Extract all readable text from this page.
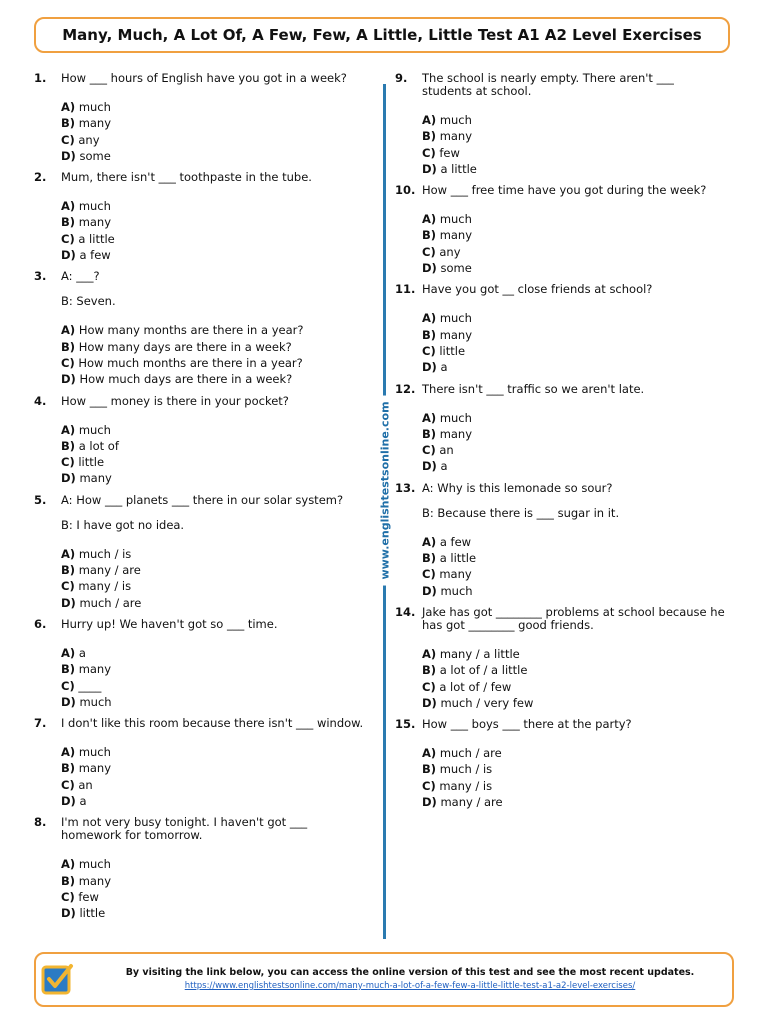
Many, Much, A Lot Of, A Few, Few, A Little, Little Test A1 A2 Level Exercises
1.	How ___ hours of English have you got in a week?
A) much
B) many
C) any
D) some
2.	Mum, there isn't ___ toothpaste in the tube.
A) much
B) many
C) a little
D) a few
3.	A: ___?
B: Seven.
A) How many months are there in a year?
B) How many days are there in a week?
C) How much months are there in a year?
D) How much days are there in a week?
4.	How ___ money is there in your pocket?
A) much
B) a lot of
C) little
D) many
5.	A: How ___ planets ___ there in our solar system?
B: I have got no idea.
A) much / is
B) many / are
C) many / is
D) much / are
6.	Hurry up! We haven't got so ___ time.
A) a
B) many
C) ____
D) much
7.	I don't like this room because there isn't ___ window.
A) much
B) many
C) an
D) a
8.	I'm not very busy tonight. I haven't got ___ homework for tomorrow.
A) much
B) many
C) few
D) little
9.	The school is nearly empty. There aren't ___ students at school.
A) much
B) many
C) few
D) a little
10. How ___ free time have you got during the week?
A) much
B) many
C) any
D) some
11. Have you got __ close friends at school?
A) much
B) many
C) little
D) a
12. There isn't ___ traffic so we aren't late.
A) much
B) many
C) an
D) a
13. A: Why is this lemonade so sour?
B: Because there is ___ sugar in it.
A) a few
B) a little
C) many
D) much
14. Jake has got ________ problems at school because he has got ________ good friends.
A) many / a little
B) a lot of / a little
C) a lot of / few
D) much / very few
15. How ___ boys ___ there at the party?
A) much / are
B) much / is
C) many / is
D) many / are
www.englishtestsonline.com
By visiting the link below, you can access the online version of this test and see the most recent updates.
https://www.englishtestsonline.com/many-much-a-lot-of-a-few-few-a-little-little-test-a1-a2-level-exercises/
